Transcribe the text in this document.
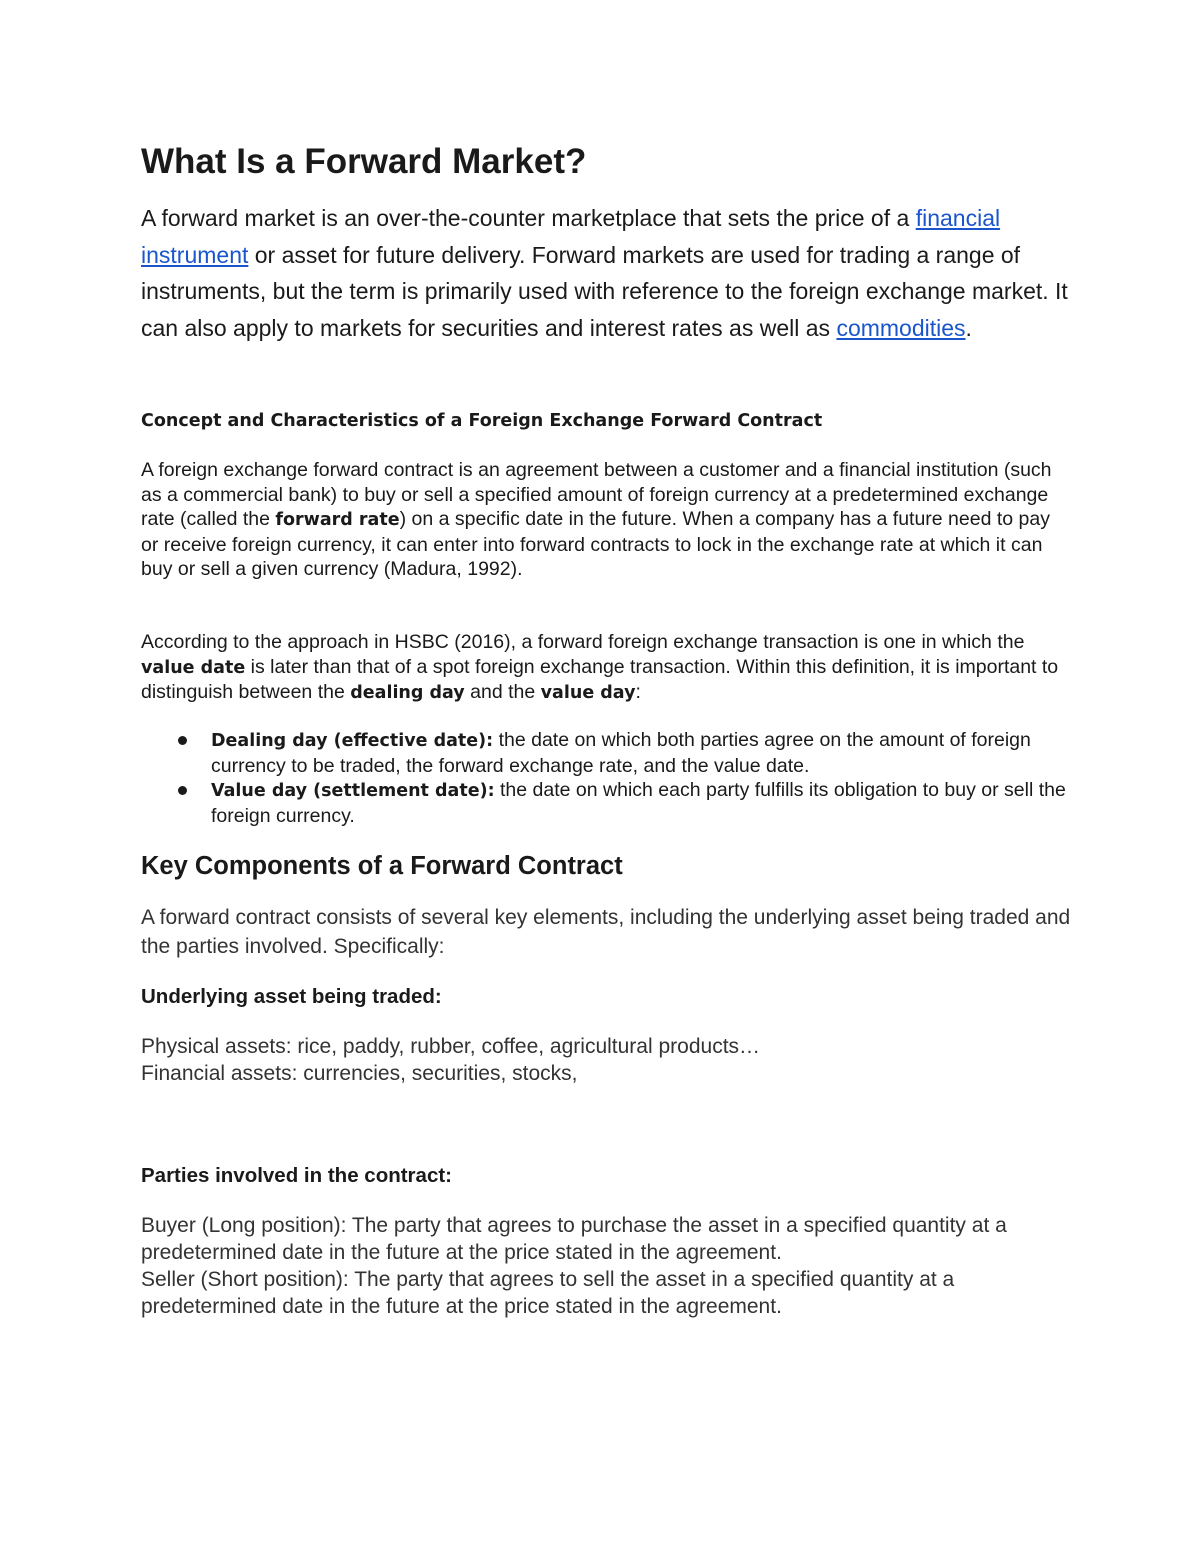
What Is a Forward Market?

A forward market is an over-the-counter marketplace that sets the price of a financial instrument or asset for future delivery. Forward markets are used for trading a range of instruments, but the term is primarily used with reference to the foreign exchange market. It can also apply to markets for securities and interest rates as well as commodities.

Concept and Characteristics of a Foreign Exchange Forward Contract

A foreign exchange forward contract is an agreement between a customer and a financial institution (such as a commercial bank) to buy or sell a specified amount of foreign currency at a predetermined exchange rate (called the forward rate) on a specific date in the future. When a company has a future need to pay or receive foreign currency, it can enter into forward contracts to lock in the exchange rate at which it can buy or sell a given currency (Madura, 1992).

According to the approach in HSBC (2016), a forward foreign exchange transaction is one in which the value date is later than that of a spot foreign exchange transaction. Within this definition, it is important to distinguish between the dealing day and the value day:

Dealing day (effective date): the date on which both parties agree on the amount of foreign currency to be traded, the forward exchange rate, and the value date.
Value day (settlement date): the date on which each party fulfills its obligation to buy or sell the foreign currency.
Key Components of a Forward Contract

A forward contract consists of several key elements, including the underlying asset being traded and the parties involved. Specifically:

Underlying asset being traded:
Physical assets: rice, paddy, rubber, coffee, agricultural products…
Financial assets: currencies, securities, stocks,
Parties involved in the contract:
Buyer (Long position): The party that agrees to purchase the asset in a specified quantity at a predetermined date in the future at the price stated in the agreement.
Seller (Short position): The party that agrees to sell the asset in a specified quantity at a predetermined date in the future at the price stated in the agreement.
